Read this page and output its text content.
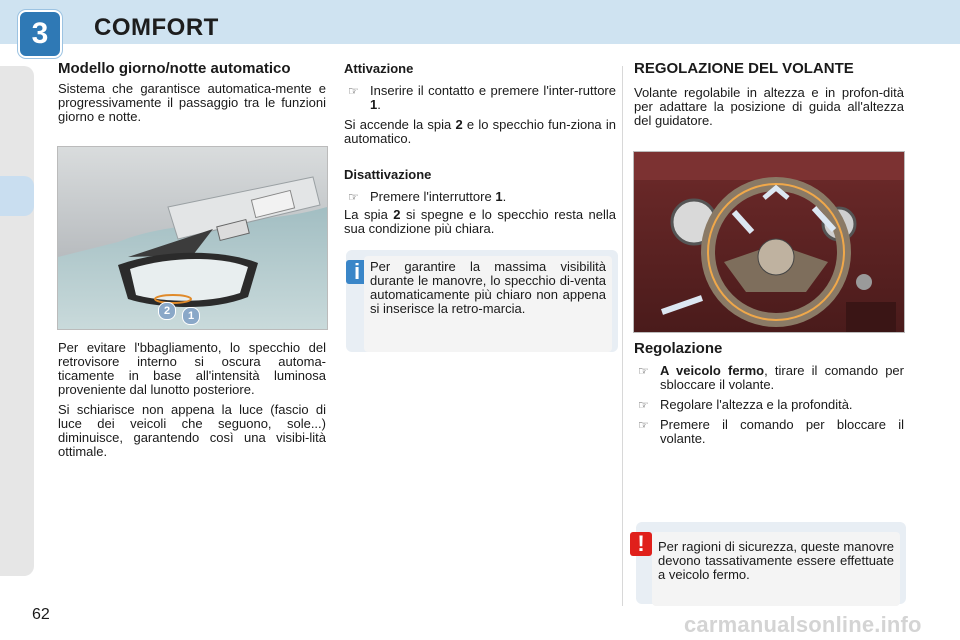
3	COMFORT
Modello giorno/notte automatico

Sistema che garantisce automatica-mente e progressivamente il passaggio tra le funzioni giorno e notte.

2	1

Per evitare l'bbagliamento, lo specchio del retrovisore interno si oscura automa-ticamente in base all'intensità luminosa proveniente dal lunotto posteriore.

Si schiarisce non appena la luce (fascio di luce dei veicoli che seguono, sole...) diminuisce, garantendo così una visibi-lità ottimale.

Attivazione

☞ Inserire il contatto e premere l'inter-ruttore 1.

Si accende la spia 2 e lo specchio fun-ziona in automatico.

Disattivazione

☞ Premere l'interruttore 1.

La spia 2 si spegne e lo specchio resta nella sua condizione più chiara.

i Per garantire la massima visibilità durante le manovre, lo specchio di-venta automaticamente più chiaro non appena si inserisce la retro-marcia.
REGOLAZIONE DEL VOLANTE

Volante regolabile in altezza e in profon-dità per adattare la posizione di guida all'altezza del guidatore.

Regolazione

☞ A veicolo fermo, tirare il comando per sbloccare il volante.

☞ Regolare l'altezza e la profondità.

☞ Premere il comando per bloccare il volante.

!	Per ragioni di sicurezza, queste manovre devono tassativamente essere effettuate a veicolo fermo.
62	carmanualsonline.info
